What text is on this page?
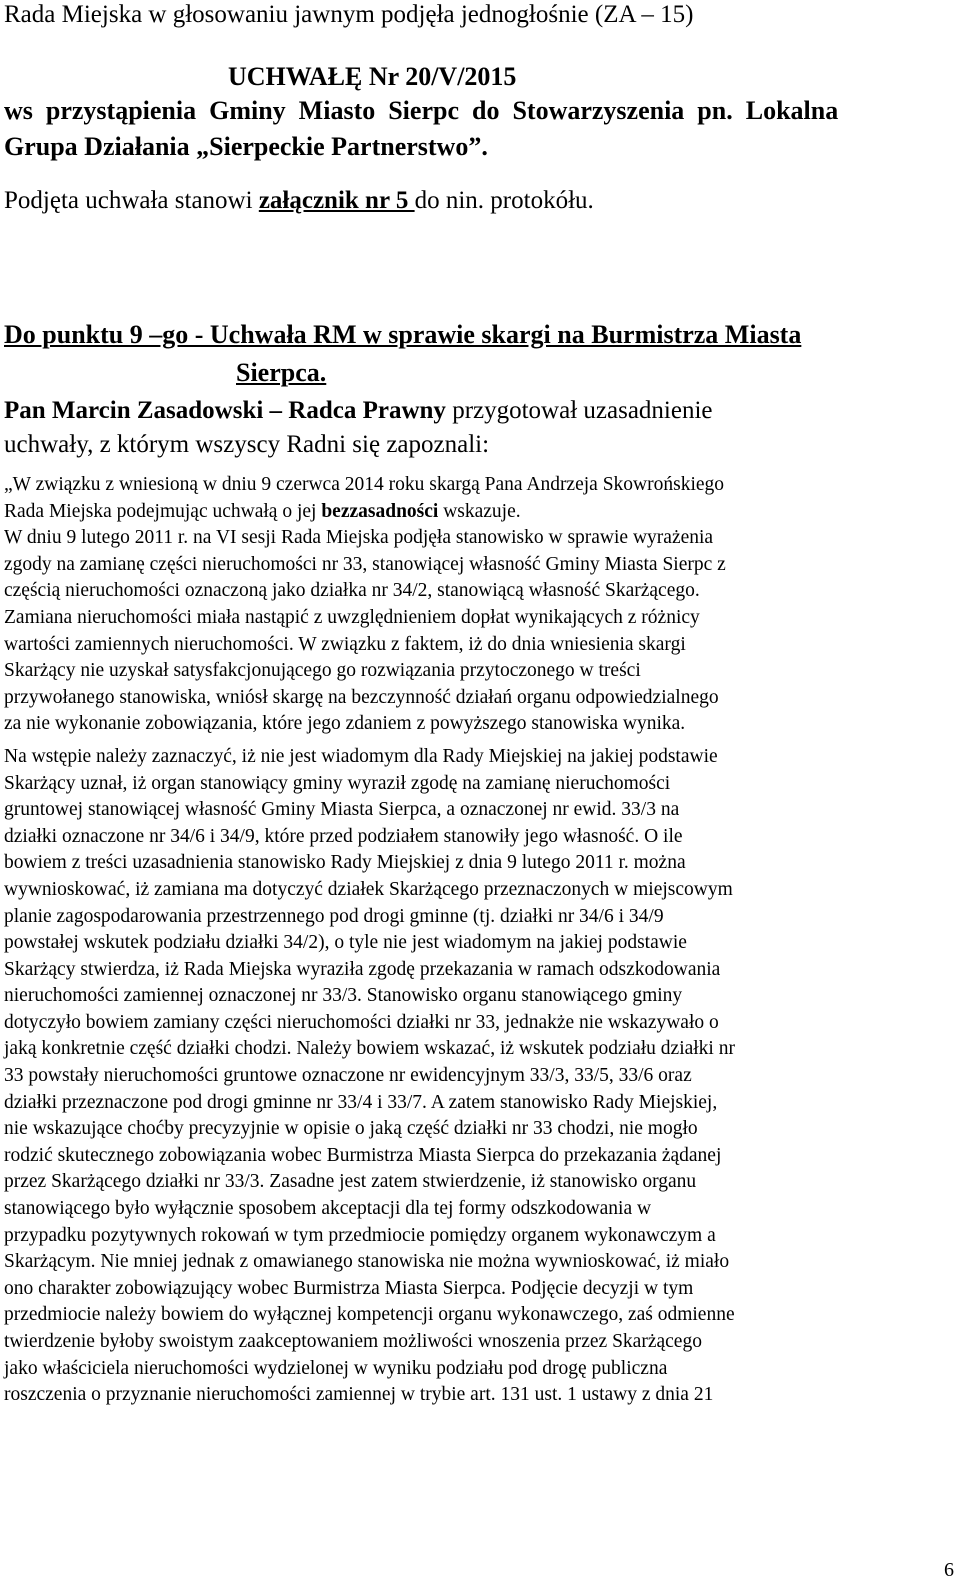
Rada Miejska w głosowaniu jawnym podjęła jednogłośnie (ZA – 15)
UCHWAŁĘ Nr 20/V/2015
ws  przystąpienia  Gminy  Miasto  Sierpc  do  Stowarzyszenia  pn.  Lokalna
Grupa Działania „Sierpeckie Partnerstwo”.
Podjęta uchwała stanowi załącznik nr 5 do nin. protokółu.
Do punktu 9 –go - Uchwała RM w sprawie skargi na Burmistrza Miasta
Sierpca.
Pan Marcin Zasadowski – Radca Prawny przygotował uzasadnienie
uchwały, z którym wszyscy Radni się zapoznali:
„W związku z wniesioną w dniu 9 czerwca 2014 roku skargą Pana Andrzeja Skowrońskiego
Rada Miejska podejmując uchwałą o jej bezzasadności wskazuje.
W dniu 9 lutego 2011 r. na VI sesji Rada Miejska podjęła stanowisko w sprawie wyrażenia
zgody na zamianę części nieruchomości nr 33, stanowiącej własność Gminy Miasta Sierpc z
częścią nieruchomości oznaczoną jako działka nr 34/2, stanowiącą własność Skarżącego.
Zamiana nieruchomości miała nastąpić z uwzględnieniem dopłat wynikających z różnicy
wartości zamiennych nieruchomości. W związku z faktem, iż do dnia wniesienia skargi
Skarżący nie uzyskał satysfakcjonującego go rozwiązania przytoczonego w treści
przywołanego stanowiska, wniósł skargę na bezczynność działań organu odpowiedzialnego
za nie wykonanie zobowiązania, które jego zdaniem z powyższego stanowiska wynika.
Na wstępie należy zaznaczyć, iż nie jest wiadomym dla Rady Miejskiej na jakiej podstawie
Skarżący uznał, iż organ stanowiący gminy wyraził zgodę na zamianę nieruchomości
gruntowej stanowiącej własność Gminy Miasta Sierpca, a oznaczonej nr ewid. 33/3 na
działki oznaczone nr 34/6 i 34/9, które przed podziałem stanowiły jego własność. O ile
bowiem z treści uzasadnienia stanowisko Rady Miejskiej z dnia 9 lutego 2011 r. można
wywnioskować, iż zamiana ma dotyczyć działek Skarżącego przeznaczonych w miejscowym
planie zagospodarowania przestrzennego pod drogi gminne (tj. działki nr 34/6 i 34/9
powstałej wskutek podziału działki 34/2), o tyle nie jest wiadomym na jakiej podstawie
Skarżący stwierdza, iż Rada Miejska wyraziła zgodę przekazania w ramach odszkodowania
nieruchomości zamiennej oznaczonej nr 33/3. Stanowisko organu stanowiącego gminy
dotyczyło bowiem zamiany części nieruchomości działki nr 33, jednakże nie wskazywało o
jaką konkretnie część działki chodzi. Należy bowiem wskazać, iż wskutek podziału działki nr
33 powstały nieruchomości gruntowe oznaczone nr ewidencyjnym 33/3, 33/5, 33/6 oraz
działki przeznaczone pod drogi gminne nr 33/4 i 33/7. A zatem stanowisko Rady Miejskiej,
nie wskazujące choćby precyzyjnie w opisie o jaką część działki nr 33 chodzi, nie mogło
rodzić skutecznego zobowiązania wobec Burmistrza Miasta Sierpca do przekazania żądanej
przez Skarżącego działki nr 33/3. Zasadne jest zatem stwierdzenie, iż stanowisko organu
stanowiącego było wyłącznie sposobem akceptacji dla tej formy odszkodowania w
przypadku pozytywnych rokowań w tym przedmiocie pomiędzy organem wykonawczym a
Skarżącym. Nie mniej jednak z omawianego stanowiska nie można wywnioskować, iż miało
ono charakter zobowiązujący wobec Burmistrza Miasta Sierpca. Podjęcie decyzji w tym
przedmiocie należy bowiem do wyłącznej kompetencji organu wykonawczego, zaś odmienne
twierdzenie byłoby swoistym zaakceptowaniem możliwości wnoszenia przez Skarżącego
jako właściciela nieruchomości wydzielonej w wyniku podziału pod drogę publiczna
roszczenia o przyznanie nieruchomości zamiennej w trybie art. 131 ust. 1 ustawy z dnia 21
6
